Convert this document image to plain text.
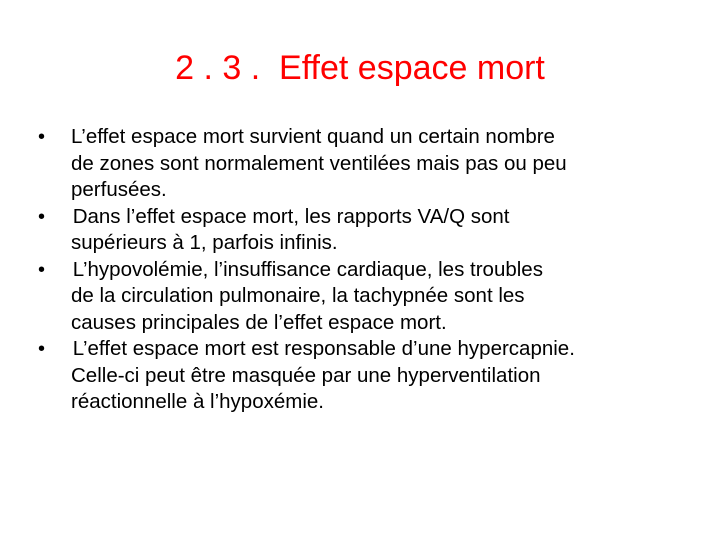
2 . 3 .  Effet espace mort
• L’effet espace mort survient quand un certain nombre
de zones sont normalement ventilées mais pas ou peu
perfusées.
• Dans l’effet espace mort, les rapports VA/Q sont
supérieurs à 1, parfois infinis.
• L’hypovolémie, l’insuffisance cardiaque, les troubles
de la circulation pulmonaire, la tachypnée sont les
causes principales de l’effet espace mort.
• L’effet espace mort est responsable d’une hypercapnie.
Celle-ci peut être masquée par une hyperventilation
réactionnelle à l’hypoxémie.
